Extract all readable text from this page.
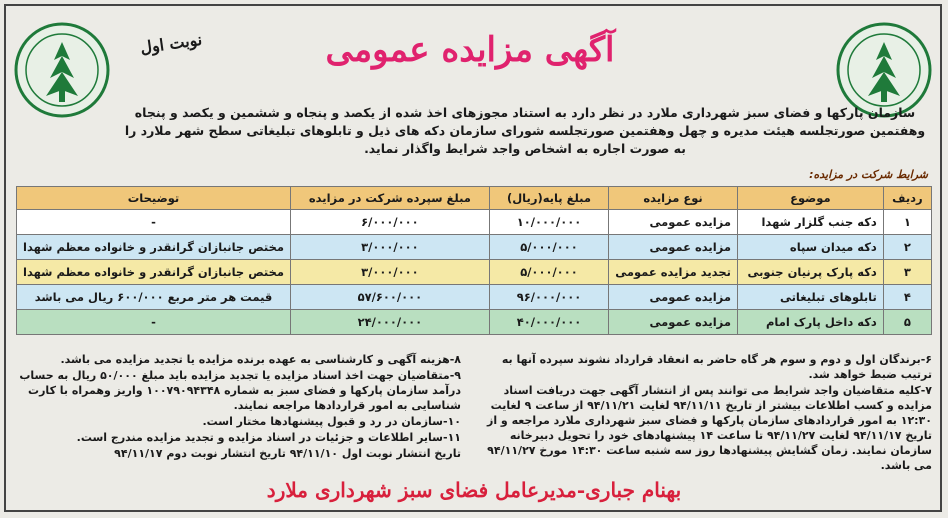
آگهی مزایده عمومی
نوبت اول
سازمان پارکها و فضای سبز شهرداری ملارد در نظر دارد به استناد مجوزهای اخذ شده از یکصد و پنجاه و ششمین و یکصد و پنجاه وهفتمین صورتجلسه هیئت مدیره و چهل وهفتمین صورتجلسه شورای سازمان دکه های ذیل و تابلوهای تبلیغاتی سطح شهر ملارد را به صورت اجاره به اشخاص واجد شرایط واگذار نماید.
شرایط شرکت در مزایده:
ردیف	موضوع	نوع مزایده	مبلغ پایه(ریال)	مبلغ سپرده شرکت در مزایده	توضیحات
۱	دکه جنب گلزار شهدا	مزایده عمومی	۱۰/۰۰۰/۰۰۰	۶/۰۰۰/۰۰۰	-
۲	دکه میدان سپاه	مزایده عمومی	۵/۰۰۰/۰۰۰	۳/۰۰۰/۰۰۰	مختص جانبازان گرانقدر و خانواده معظم شهدا
۳	دکه پارک پرنیان جنوبی	تجدید مزایده عمومی	۵/۰۰۰/۰۰۰	۳/۰۰۰/۰۰۰	مختص جانبازان گرانقدر و خانواده معظم شهدا
۴	تابلوهای تبلیغاتی	مزایده عمومی	۹۶/۰۰۰/۰۰۰	۵۷/۶۰۰/۰۰۰	قیمت هر متر مربع ۶۰۰/۰۰۰ ریال می باشد
۵	دکه داخل پارک امام	مزایده عمومی	۴۰/۰۰۰/۰۰۰	۲۴/۰۰۰/۰۰۰	-

۶-برندگان اول و دوم و سوم هر گاه حاضر به انعقاد قرارداد نشوند سپرده آنها به ترتیب ضبط خواهد شد.

۷-کلیه متقاضیان واجد شرایط می توانند پس از انتشار آگهی جهت دریافت اسناد مزایده و کسب اطلاعات بیشتر از تاریخ ۹۴/۱۱/۱۱ لغایت ۹۴/۱۱/۲۱ از ساعت ۹ لغایت ۱۲:۳۰ به امور قراردادهای سازمان پارکها و فضای سبز شهرداری ملارد مراجعه و از تاریخ ۹۴/۱۱/۱۷ لغایت ۹۴/۱۱/۲۷ تا ساعت ۱۴ پیشنهادهای خود را تحویل دبیرخانه سازمان نمایند. زمان گشایش پیشنهادها روز سه شنبه ساعت ۱۴:۳۰ مورخ ۹۴/۱۱/۲۷ می باشد.

۸-هزینه آگهی و کارشناسی به عهده برنده مزایده یا تجدید مزایده می باشد.

۹-متقاضیان جهت اخذ اسناد مزایده یا تجدید مزایده باید مبلغ ۵۰/۰۰۰ ریال به حساب درآمد سازمان پارکها و فضای سبز به شماره ۱۰۰۷۹۰۹۴۳۴۸ واریز وهمراه با کارت شناسایی به امور قراردادها مراجعه نمایند.

۱۰-سازمان در رد و قبول پیشنهادها مختار است.

۱۱-سایر اطلاعات و جزئیات در اسناد مزایده و تجدید مزایده مندرج است.

تاریخ انتشار نوبت اول ۹۴/۱۱/۱۰ تاریخ انتشار نوبت دوم ۹۴/۱۱/۱۷

بهنام جباری-مدیرعامل فضای سبز شهرداری ملارد
